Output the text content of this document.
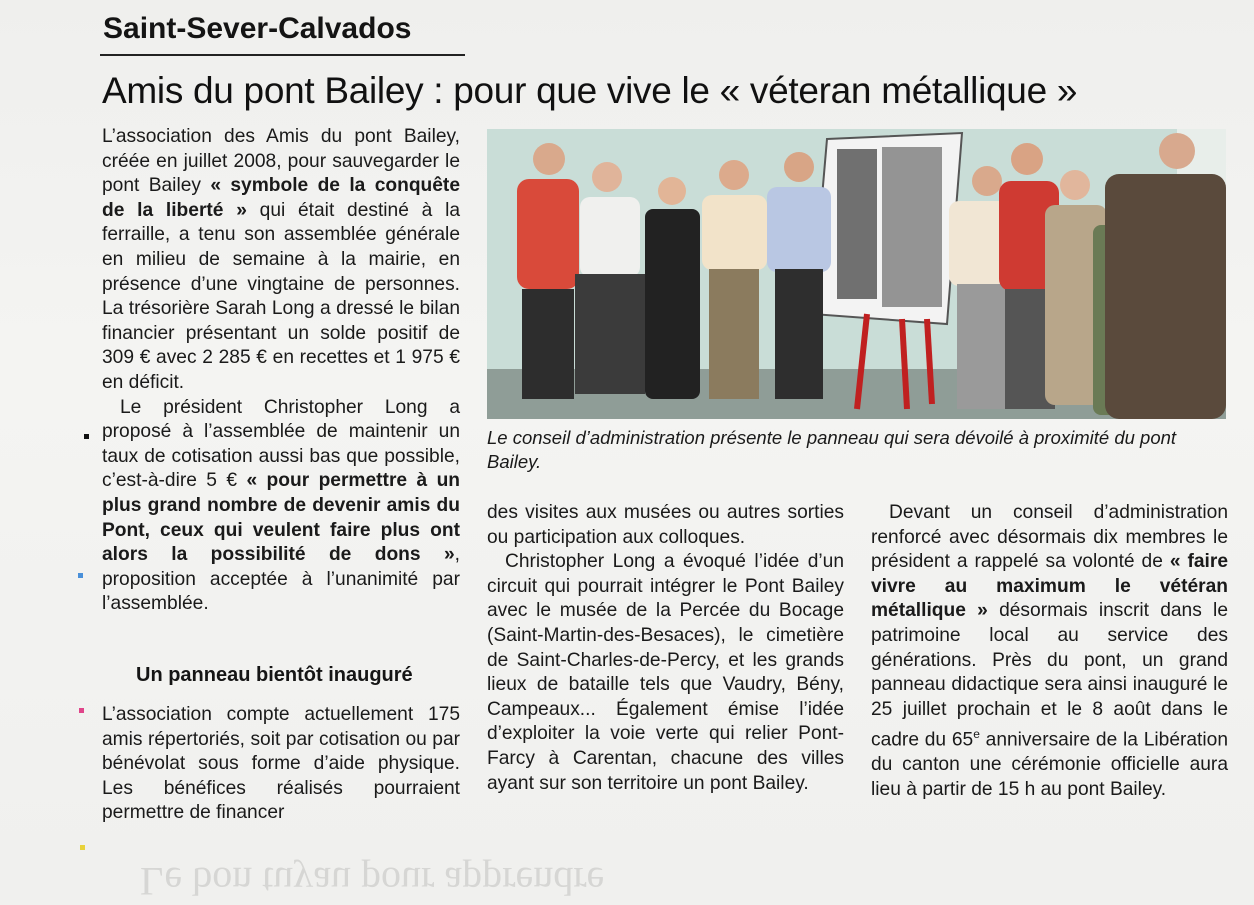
Le bon tuyau pour apprendre
Saint-Sever-Calvados
Amis du pont Bailey : pour que vive le « véteran métallique »

L’association des Amis du pont Bailey, créée en juillet 2008, pour sauvegarder le pont Bailey « symbole de la conquête de la liberté » qui était destiné à la ferraille, a tenu son assemblée générale en milieu de semaine à la mairie, en présence d’une vingtaine de personnes. La trésorière Sarah Long a dressé le bilan financier présentant un solde positif de 309 € avec 2 285 € en recettes et 1 975 € en déficit.

Le président Christopher Long a proposé à l’assemblée de maintenir un taux de cotisation aussi bas que possible, c’est-à-dire 5 € « pour permettre à un plus grand nombre de devenir amis du Pont, ceux qui veulent faire plus ont alors la possibilité de dons », proposition acceptée à l’unanimité par l’assemblée.

Un panneau bientôt inauguré

L’association compte actuellement 175 amis répertoriés, soit par cotisation ou par bénévolat sous forme d’aide physique. Les bénéfices réalisés pourraient permettre de financer

Le conseil d’administration présente le panneau qui sera dévoilé à proximité du pont Bailey.

des visites aux musées ou autres sorties ou participation aux colloques.

Christopher Long a évoqué l’idée d’un circuit qui pourrait intégrer le Pont Bailey avec le musée de la Percée du Bocage (Saint-Martin-des-Besaces), le cimetière de Saint-Charles-de-Percy, et les grands lieux de bataille tels que Vaudry, Bény, Campeaux... Également émise l’idée d’exploiter la voie verte qui relier Pont-Farcy à Carentan, chacune des villes ayant sur son territoire un pont Bailey.

Devant un conseil d’administration renforcé avec désormais dix membres le président a rappelé sa volonté de « faire vivre au maximum le vétéran métallique » désormais inscrit dans le patrimoine local au service des générations. Près du pont, un grand panneau didactique sera ainsi inauguré le 25 juillet prochain et le 8 août dans le cadre du 65e anniversaire de la Libération du canton une cérémonie officielle aura lieu à partir de 15 h au pont Bailey.
